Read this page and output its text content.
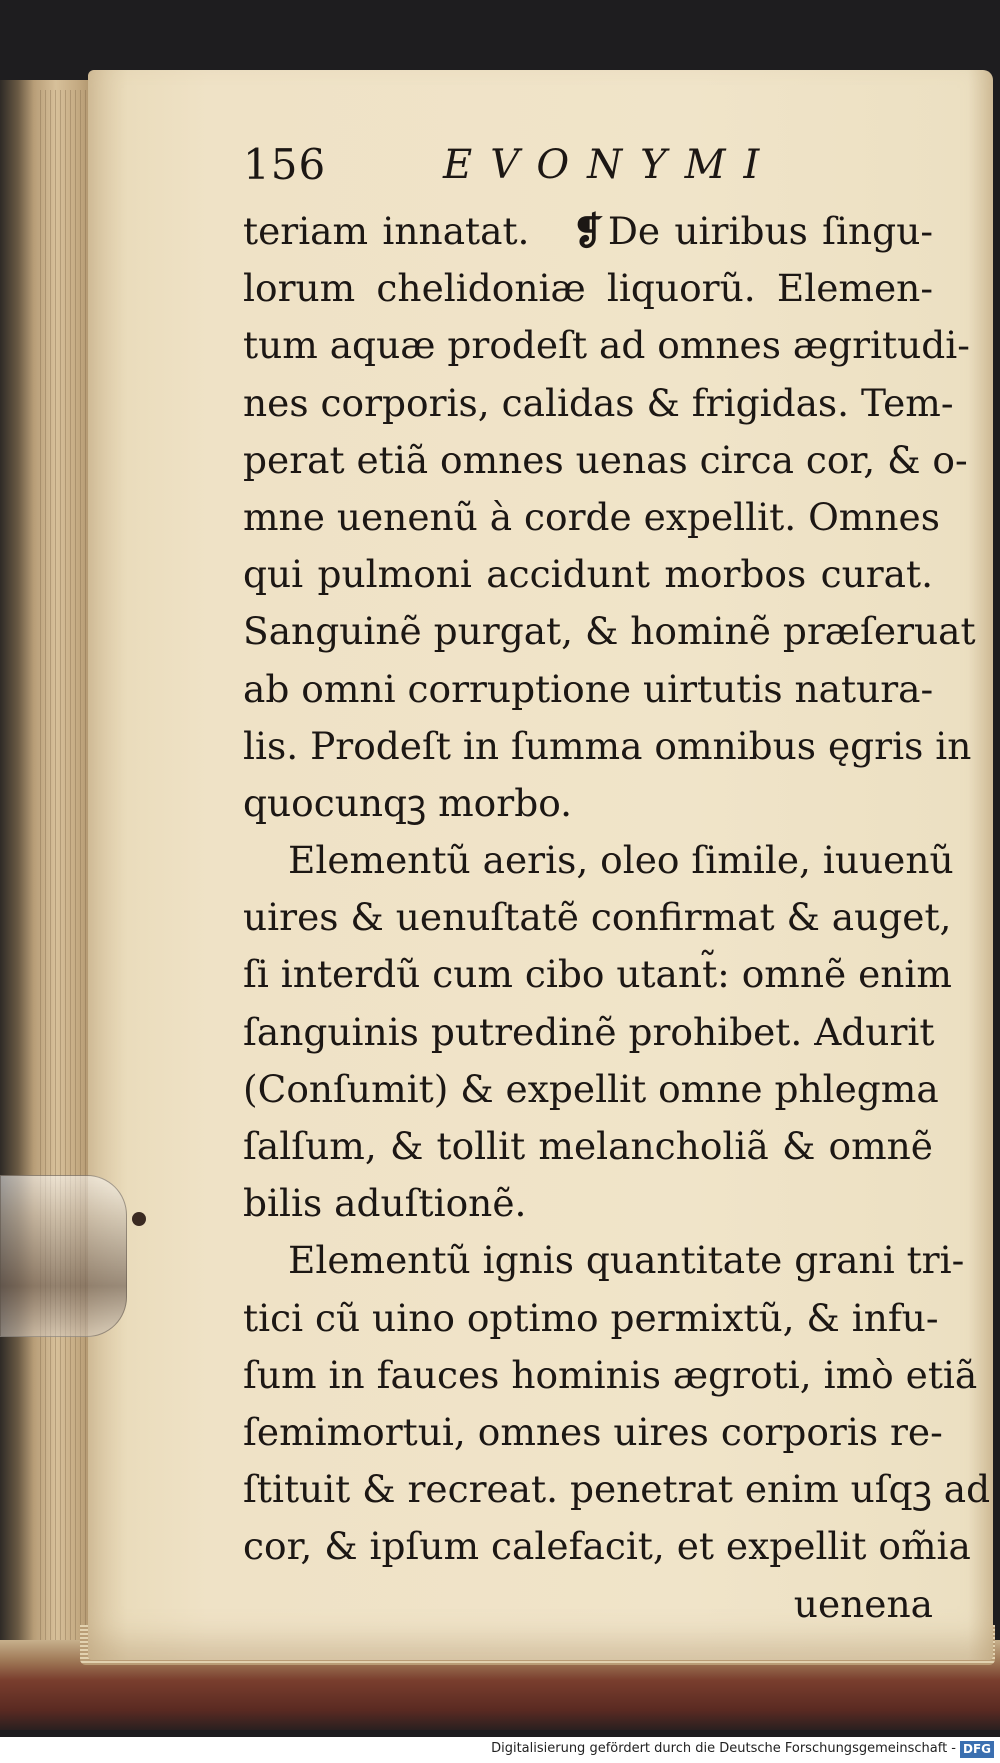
156	EVONYMI
teriam innatat. ❡ De uiribus ſingu-
lorum chelidoniæ liquorũ. Elemen-
tum aquæ prodeſt ad omnes ægritudi-
nes corporis, calidas & frigidas. Tem-
perat etiã omnes uenas circa cor, & o-
mne uenenũ à corde expellit. Omnes
qui pulmoni accidunt morbos curat.
Sanguinẽ purgat, & hominẽ præſeruat
ab omni corruptione uirtutis natura-
lis. Prodeſt in ſumma omnibus ęgris in
quocunqꝫ morbo.
Elementũ aeris, oleo ſimile, iuuenũ
uires & uenuſtatẽ confirmat & auget,
ſi interdũ cum cibo utant̃: omnẽ enim
ſanguinis putredinẽ prohibet. Adurit
(Conſumit) & expellit omne phlegma
ſalſum, & tollit melancholiã & omnẽ
bilis aduſtionẽ.
Elementũ ignis quantitate grani tri-
tici cũ uino optimo permixtũ, & infu-
ſum in fauces hominis ægroti, imò etiã
ſemimortui, omnes uires corporis re-
ſtituit & recreat. penetrat enim uſqꝫ ad
cor, & ipſum calefacit, et expellit om̃ia
uenena
Digitalisierung gefördert durch die Deutsche Forschungsgemeinschaft - DFG
